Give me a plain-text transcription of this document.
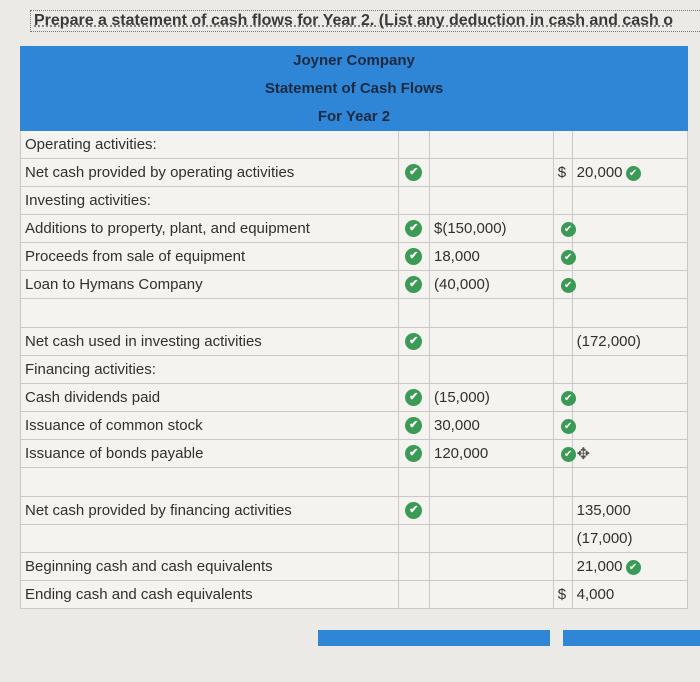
Prepare a statement of cash flows for Year 2. (List any deduction in cash and cash o
Joyner Company				
Statement of Cash Flows				
For Year 2				
Operating activities:				
Net cash provided by operating activities	✔		$	20,000 ✔
Investing activities:				
Additions to property, plant, and equipment	✔	$ (150,000)	✔	
Proceeds from sale of equipment	✔	18,000	✔	
Loan to Hymans Company	✔	(40,000)	✔	

Net cash used in investing activities	✔			(172,000)
Financing activities:				
Cash dividends paid	✔	(15,000)	✔	
Issuance of common stock	✔	30,000	✔	
Issuance of bonds payable	✔	120,000	✔	✥

Net cash provided by financing activities	✔			135,000
				(17,000)
Beginning cash and cash equivalents				21,000 ✔
Ending cash and cash equivalents			$	4,000
